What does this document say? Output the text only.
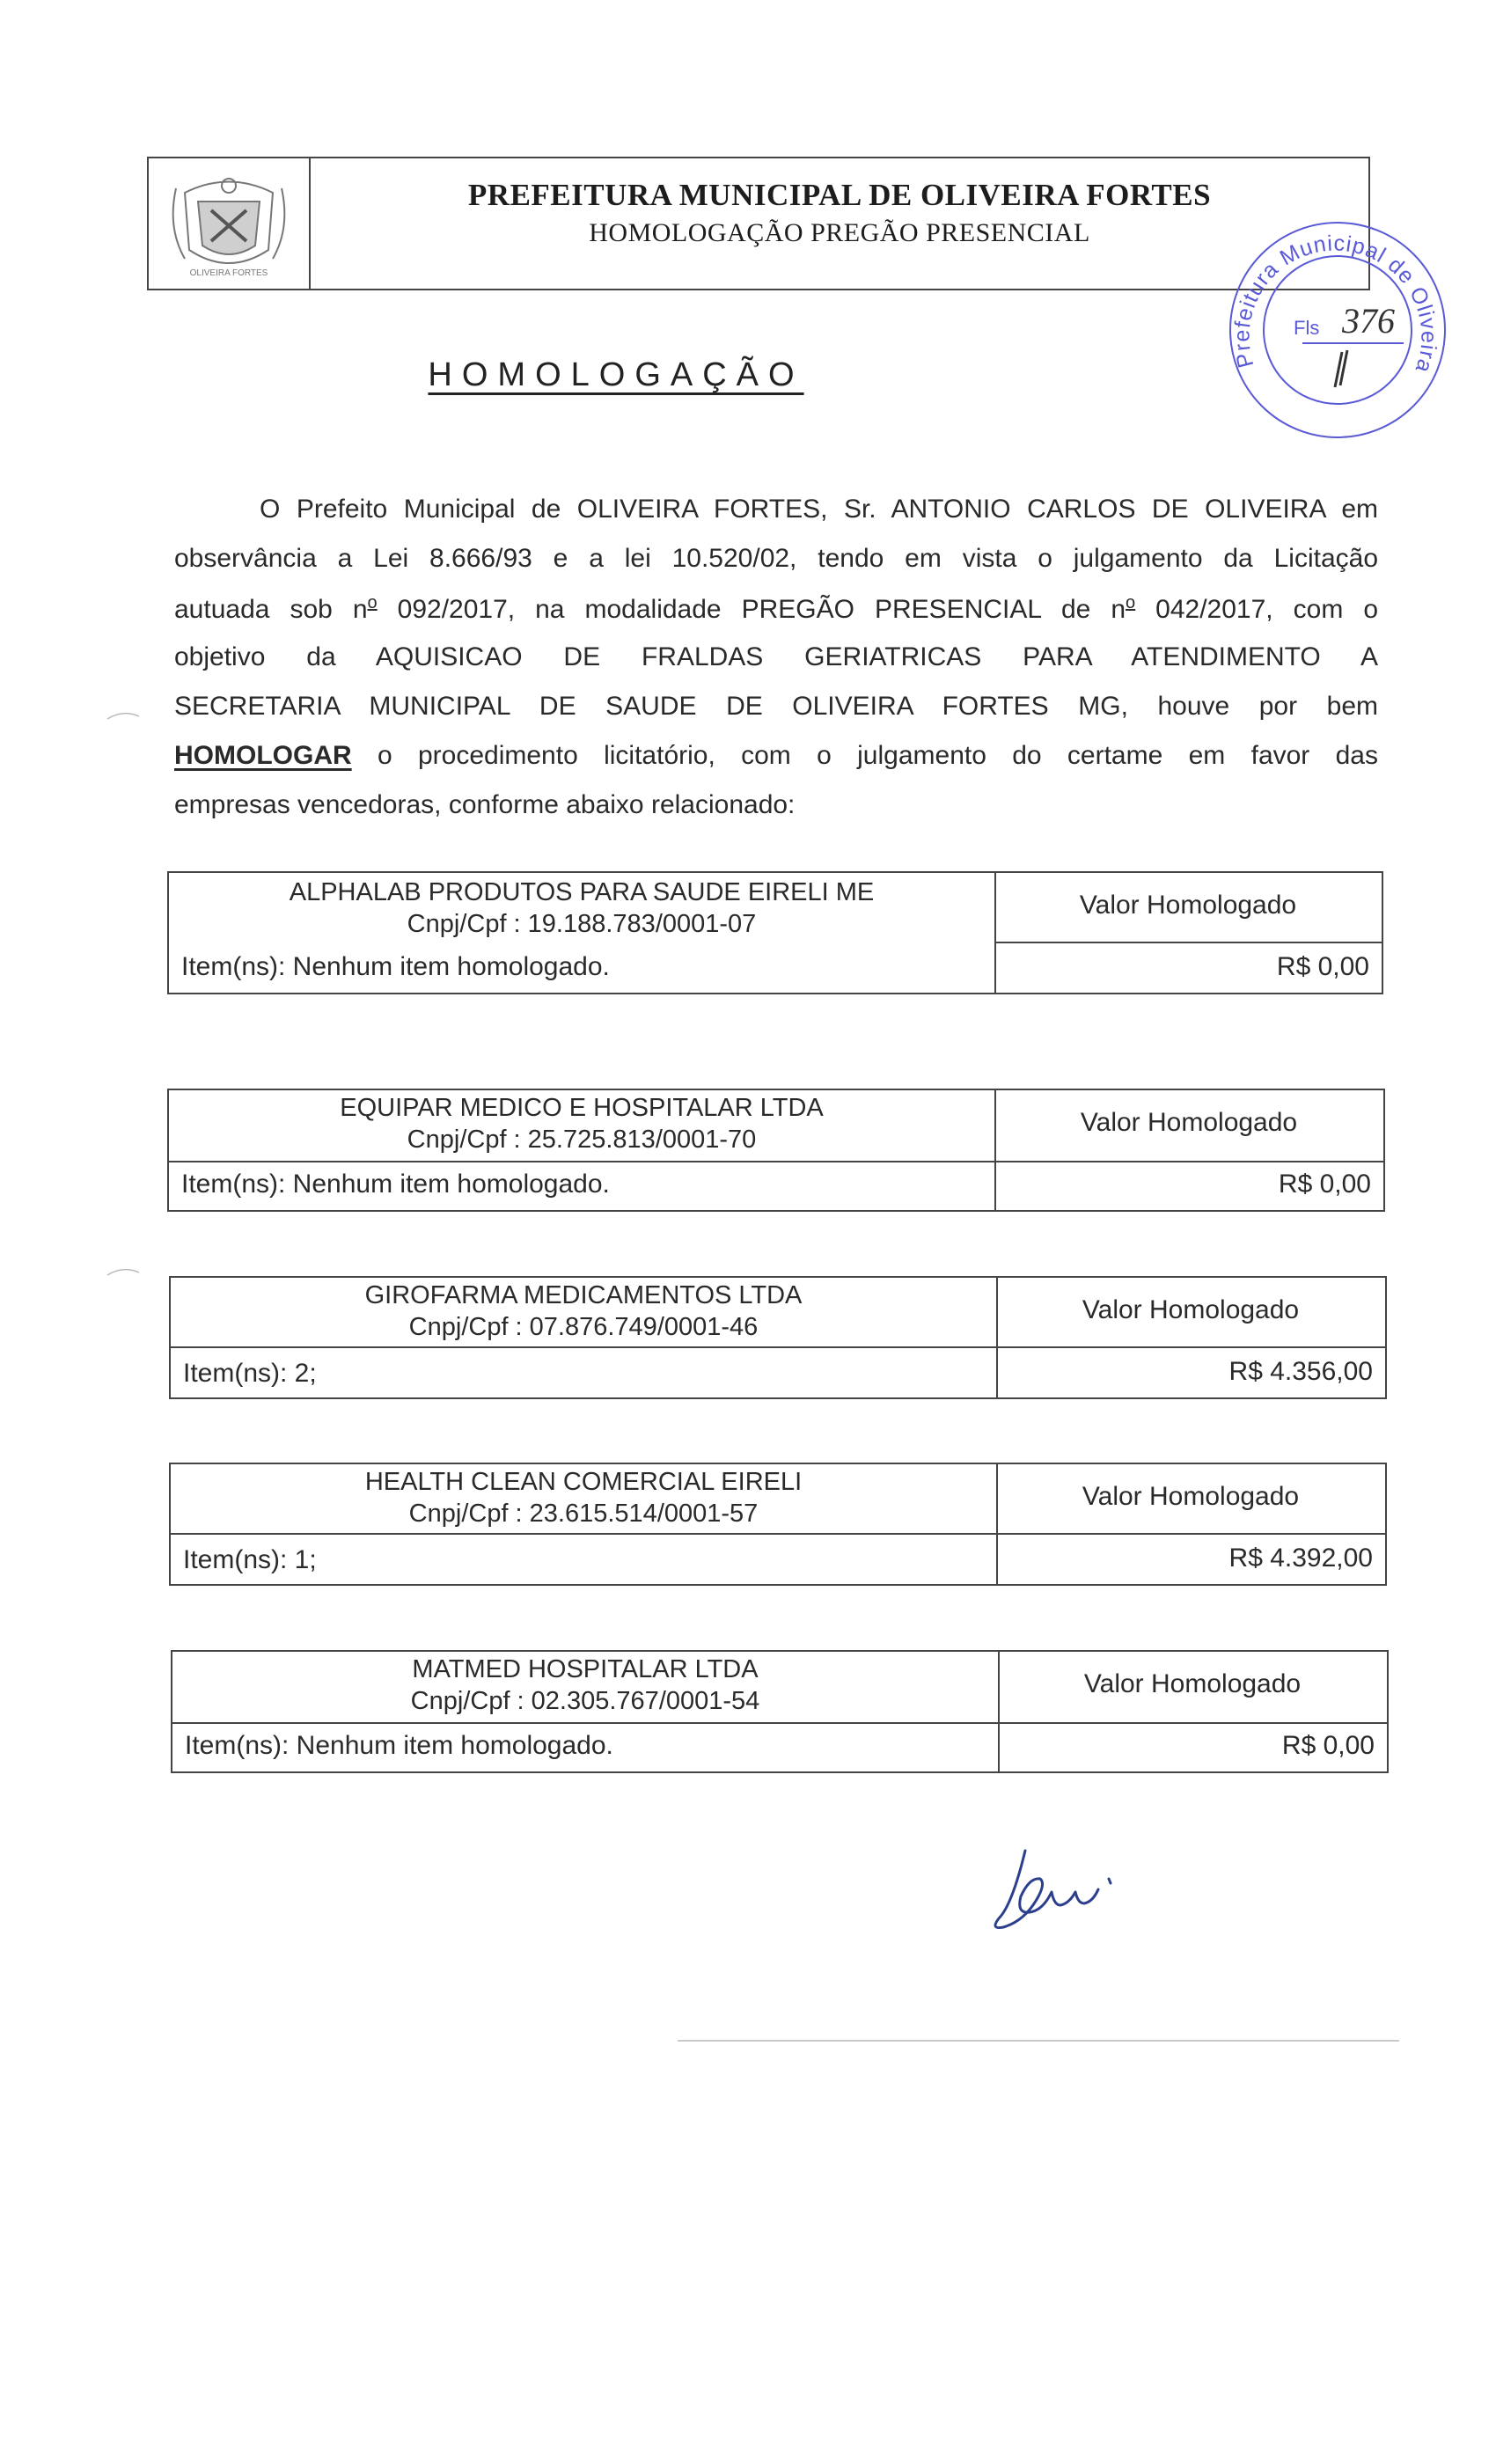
OLIVEIRA FORTES
PREFEITURA MUNICIPAL DE OLIVEIRA FORTES
HOMOLOGAÇÃO PREGÃO PRESENCIAL
Prefeitura Municipal de Oliveira Fortes
Fls 376
HOMOLOGAÇÃO
O Prefeito Municipal de OLIVEIRA FORTES, Sr. ANTONIO CARLOS DE OLIVEIRA em
observância a Lei 8.666/93 e a lei 10.520/02, tendo em vista o julgamento da Licitação
autuada sob $n^o$ 092/2017, na modalidade PREGÃO PRESENCIAL de $n^o$ 042/2017, com o
objetivo da AQUISICAO DE FRALDAS GERIATRICAS PARA ATENDIMENTO A
SECRETARIA MUNICIPAL DE SAUDE DE OLIVEIRA FORTES MG, houve por bem
HOMOLOGAR o procedimento licitatório, com o julgamento do certame em favor das
empresas vencedoras, conforme abaixo relacionado:
ALPHALAB PRODUTOS PARA SAUDE EIRELI ME
Cnpj/Cpf : 19.188.783/0001-07
Item(ns): Nenhum item homologado.
Valor Homologado
R$ 0,00
EQUIPAR MEDICO E HOSPITALAR LTDA
Cnpj/Cpf : 25.725.813/0001-70
Item(ns): Nenhum item homologado.
Valor Homologado
R$ 0,00
GIROFARMA MEDICAMENTOS LTDA
Cnpj/Cpf : 07.876.749/0001-46
Item(ns): 2;
Valor Homologado
R$ 4.356,00
HEALTH CLEAN COMERCIAL EIRELI
Cnpj/Cpf : 23.615.514/0001-57
Item(ns): 1;
Valor Homologado
R$ 4.392,00
MATMED HOSPITALAR LTDA
Cnpj/Cpf : 02.305.767/0001-54
Item(ns): Nenhum item homologado.
Valor Homologado
R$ 0,00
